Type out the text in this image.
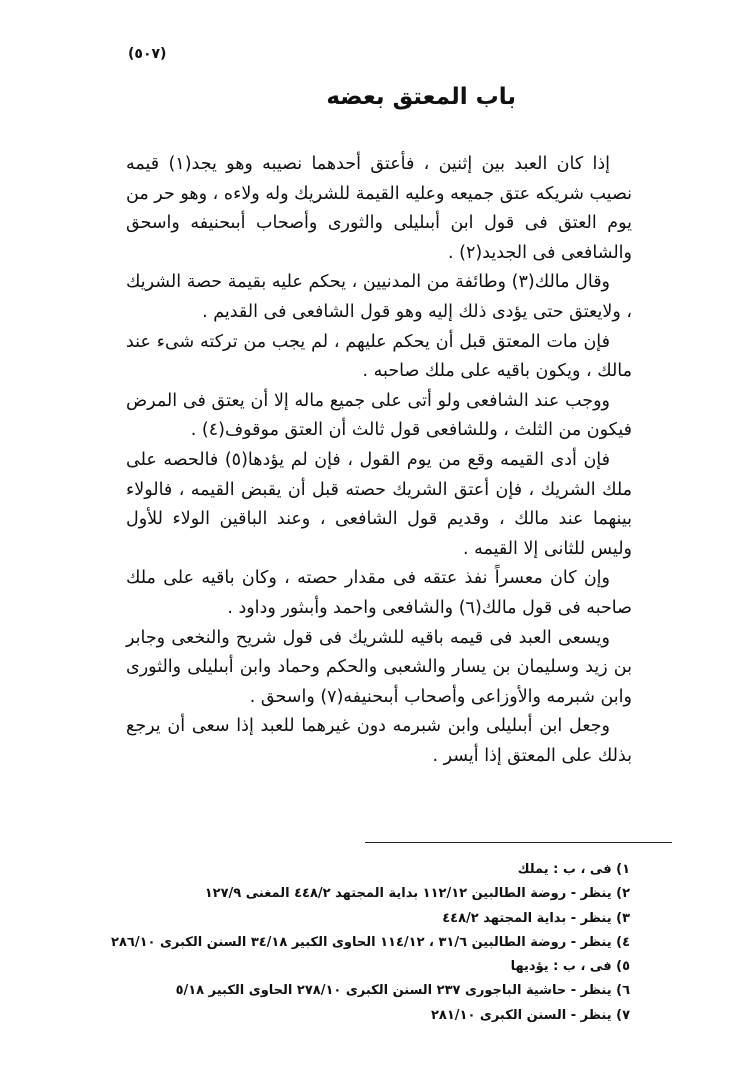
(٥٠٧)
باب المعتق بعضه

إذا كان العبد بين إثنين ، فأعتق أحدهما نصيبه وهو يجد(١) قيمه نصيب شريكه عتق جميعه وعليه القيمة للشريك وله ولاءه ، وهو حر من يوم العتق فى قول ابن أبىليلى والثورى وأصحاب أبىحنيفه واسحق والشافعى فى الجديد(٢) .

وقال مالك(٣) وطائفة من المدنيين ، يحكم عليه بقيمة حصة الشريك ، ولايعتق حتى يؤدى ذلك إليه وهو قول الشافعى فى القديم .

فإن مات المعتق قبل أن يحكم عليهم ، لم يجب من تركته شىء عند مالك ، ويكون باقيه على ملك صاحبه .

ووجب عند الشافعى ولو أتى على جميع ماله إلا أن يعتق فى المرض فيكون من الثلث ، وللشافعى قول ثالث أن العتق موقوف(٤) .

فإن أدى القيمه وقع من يوم القول ، فإن لم يؤدها(٥) فالحصه على ملك الشريك ، فإن أعتق الشريك حصته قبل أن يقبض القيمه ، فالولاء بينهما عند مالك ، وقديم قول الشافعى ، وعند الباقين الولاء للأول وليس للثانى إلا القيمه .

وإن كان معسراً نفذ عتقه فى مقدار حصته ، وكان باقيه على ملك صاحبه فى قول مالك(٦) والشافعى واحمد وأبىثور وداود .

ويسعى العبد فى قيمه باقيه للشريك فى قول شريح والنخعى وجابر بن زيد وسليمان بن يسار والشعبى والحكم وحماد وابن أبىليلى والثورى وابن شبرمه والأوزاعى وأصحاب أبىحنيفه(٧) واسحق .

وجعل ابن أبىليلى وابن شبرمه دون غيرهما للعبد إذا سعى أن يرجع بذلك على المعتق إذا أيسر .

١) فى ، ب : يملك
٢) ينظر - روضة الطالبين ١١٢/١٢ بداية المجتهد ٤٤٨/٢ المغنى ١٢٧/٩
٣) ينظر - بداية المجتهد ٤٤٨/٢
٤) ينظر - روضة الطالبين ٣١/٦ ، ١١٤/١٢ الحاوى الكبير ٣٤/١٨ السنن الكبرى ٢٨٦/١٠
٥) فى ، ب : يؤديها
٦) ينظر - حاشية الباجورى ٢٣٧ السنن الكبرى ٢٧٨/١٠ الحاوى الكبير ٥/١٨
٧) ينظر - السنن الكبرى ٢٨١/١٠
